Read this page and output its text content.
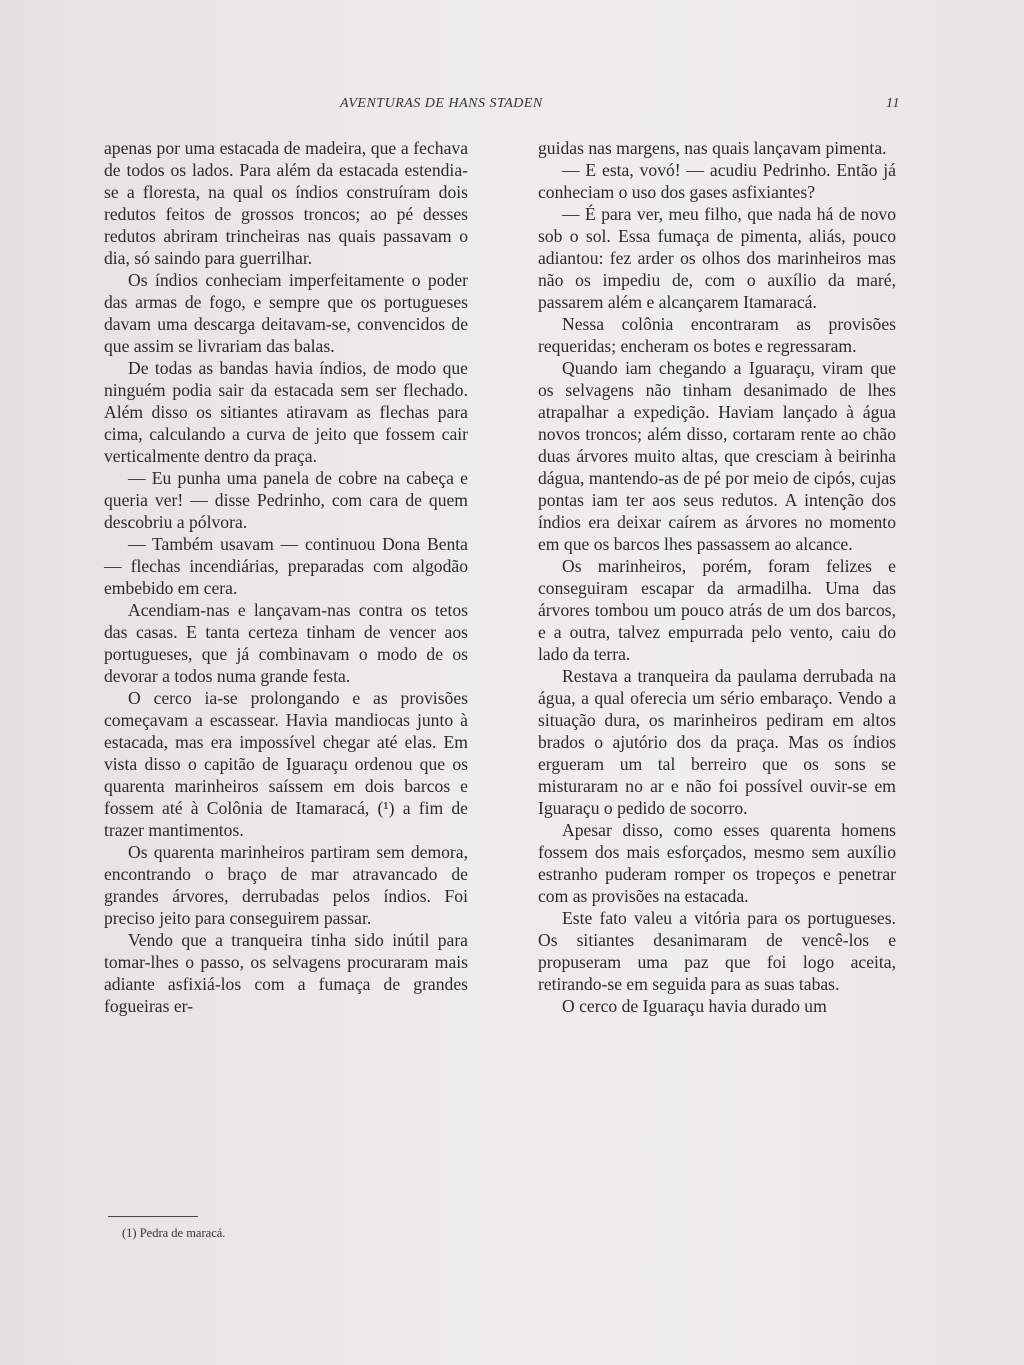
AVENTURAS DE HANS STADEN	11

apenas por uma estacada de madeira, que a fechava de todos os lados. Para além da estacada estendia-se a floresta, na qual os índios construíram dois redutos feitos de grossos troncos; ao pé desses redutos abriram trincheiras nas quais passavam o dia, só saindo para guerrilhar.

Os índios conheciam imperfeitamente o poder das armas de fogo, e sempre que os portugueses davam uma descarga deitavam-se, convencidos de que assim se livrariam das balas.

De todas as bandas havia índios, de modo que ninguém podia sair da estacada sem ser flechado. Além disso os sitiantes atiravam as flechas para cima, calculando a curva de jeito que fossem cair verticalmente dentro da praça.

— Eu punha uma panela de cobre na cabeça e queria ver! — disse Pedrinho, com cara de quem descobriu a pólvora.

— Também usavam — continuou Dona Benta — flechas incendiárias, preparadas com algodão embebido em cera.

Acendiam-nas e lançavam-nas contra os tetos das casas. E tanta certeza tinham de vencer aos portugueses, que já combinavam o modo de os devorar a todos numa grande festa.

O cerco ia-se prolongando e as provisões começavam a escassear. Havia mandiocas junto à estacada, mas era impossível chegar até elas. Em vista disso o capitão de Iguaraçu ordenou que os quarenta marinheiros saíssem em dois barcos e fossem até à Colônia de Itamaracá, (¹) a fim de trazer mantimentos.

Os quarenta marinheiros partiram sem demora, encontrando o braço de mar atravancado de grandes árvores, derrubadas pelos índios. Foi preciso jeito para conseguirem passar.

Vendo que a tranqueira tinha sido inútil para tomar-lhes o passo, os selvagens procuraram mais adiante asfixiá-los com a fumaça de grandes fogueiras er-

guidas nas margens, nas quais lançavam pimenta.

— E esta, vovó! — acudiu Pedrinho. Então já conheciam o uso dos gases asfixiantes?

— É para ver, meu filho, que nada há de novo sob o sol. Essa fumaça de pimenta, aliás, pouco adiantou: fez arder os olhos dos marinheiros mas não os impediu de, com o auxílio da maré, passarem além e alcançarem Itamaracá.

Nessa colônia encontraram as provisões requeridas; encheram os botes e regressaram.

Quando iam chegando a Iguaraçu, viram que os selvagens não tinham desanimado de lhes atrapalhar a expedição. Haviam lançado à água novos troncos; além disso, cortaram rente ao chão duas árvores muito altas, que cresciam à beirinha dágua, mantendo-as de pé por meio de cipós, cujas pontas iam ter aos seus redutos. A intenção dos índios era deixar caírem as árvores no momento em que os barcos lhes passassem ao alcance.

Os marinheiros, porém, foram felizes e conseguiram escapar da armadilha. Uma das árvores tombou um pouco atrás de um dos barcos, e a outra, talvez empurrada pelo vento, caiu do lado da terra.

Restava a tranqueira da paulama derrubada na água, a qual oferecia um sério embaraço. Vendo a situação dura, os marinheiros pediram em altos brados o ajutório dos da praça. Mas os índios ergueram um tal berreiro que os sons se misturaram no ar e não foi possível ouvir-se em Iguaraçu o pedido de socorro.

Apesar disso, como esses quarenta homens fossem dos mais esforçados, mesmo sem auxílio estranho puderam romper os tropeços e penetrar com as provisões na estacada.

Este fato valeu a vitória para os portugueses. Os sitiantes desanimaram de vencê-los e propuseram uma paz que foi logo aceita, retirando-se em seguida para as suas tabas.

O cerco de Iguaraçu havia durado um

(1) Pedra de maracá.
